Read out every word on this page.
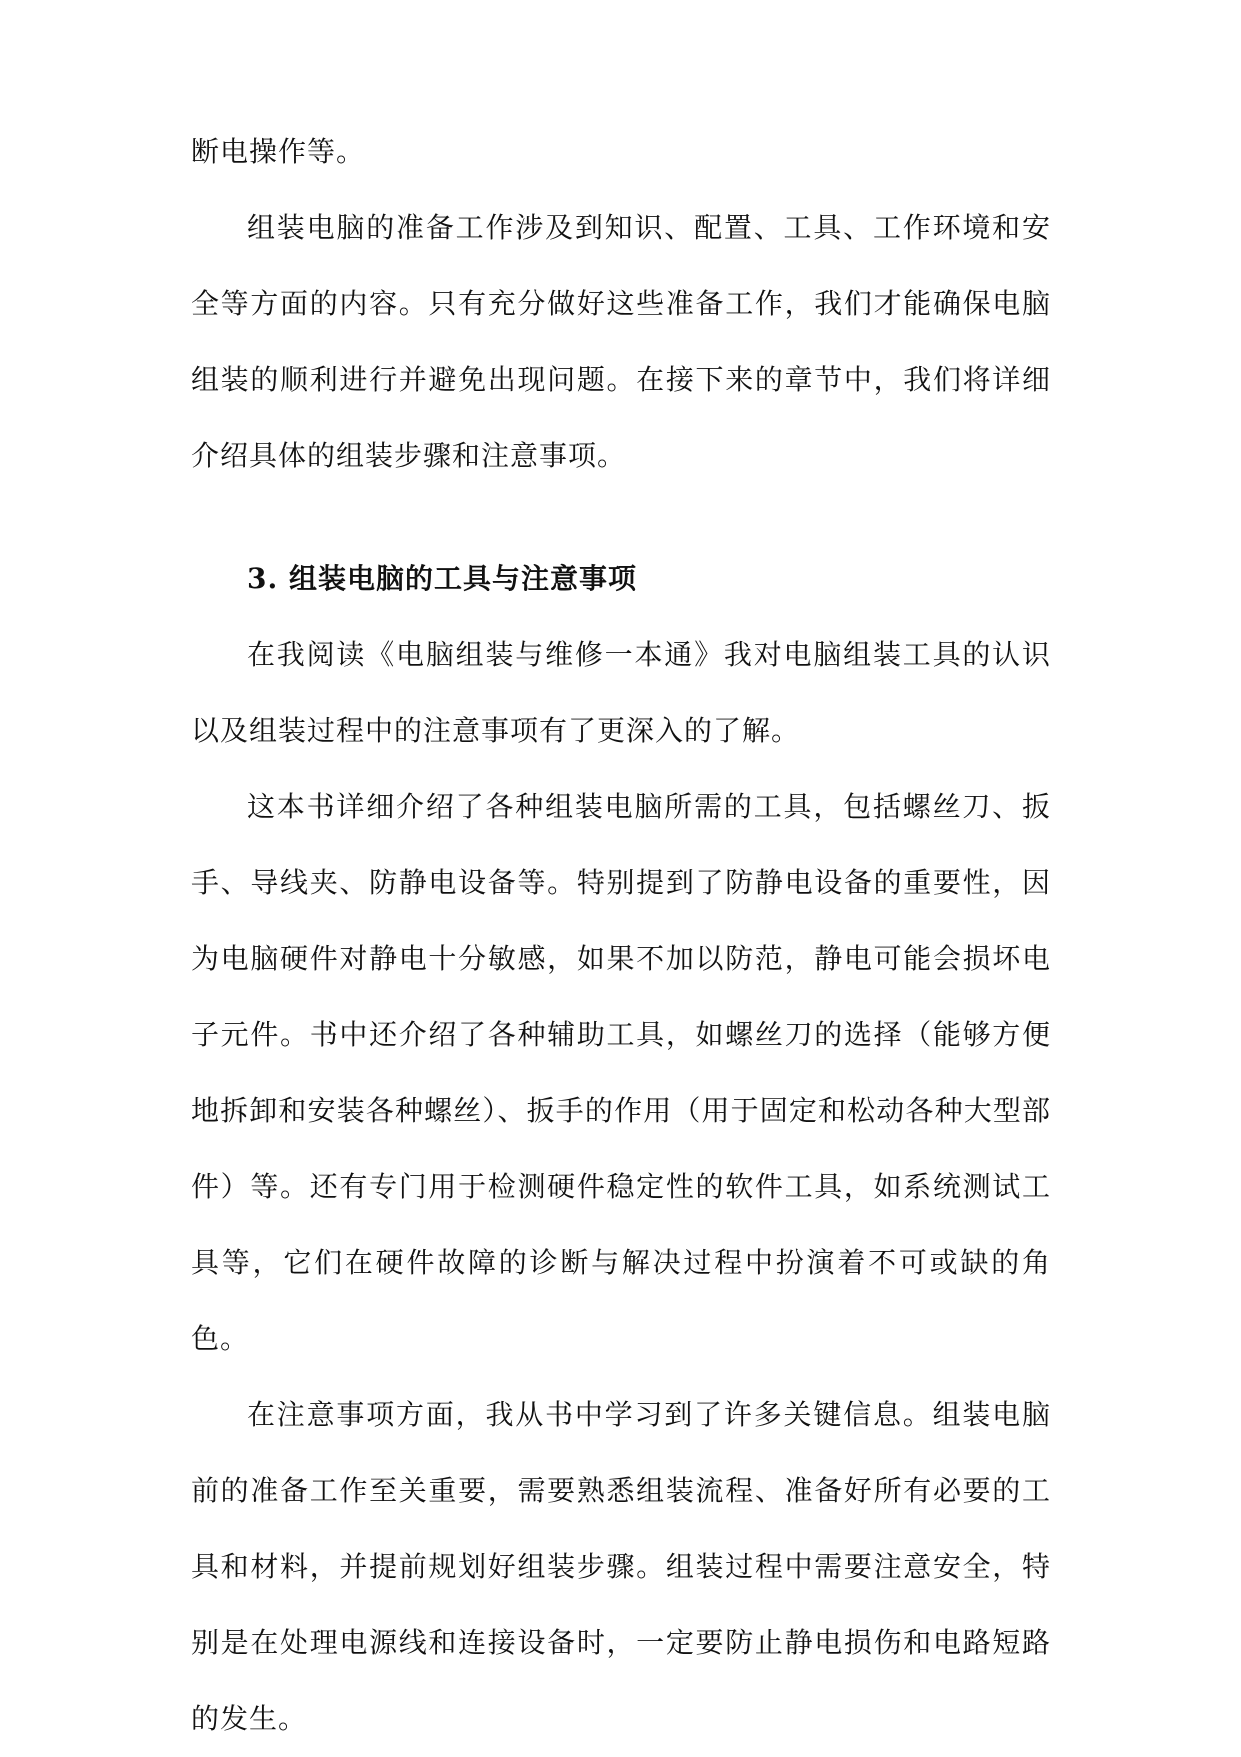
断电操作等。

组装电脑的准备工作涉及到知识、配置、工具、工作环境和安全等方面的内容。只有充分做好这些准备工作，我们才能确保电脑组装的顺利进行并避免出现问题。在接下来的章节中，我们将详细介绍具体的组装步骤和注意事项。

3. 组装电脑的工具与注意事项

在我阅读《电脑组装与维修一本通》我对电脑组装工具的认识以及组装过程中的注意事项有了更深入的了解。

这本书详细介绍了各种组装电脑所需的工具，包括螺丝刀、扳手、导线夹、防静电设备等。特别提到了防静电设备的重要性，因为电脑硬件对静电十分敏感，如果不加以防范，静电可能会损坏电子元件。书中还介绍了各种辅助工具，如螺丝刀的选择（能够方便地拆卸和安装各种螺丝）、扳手的作用（用于固定和松动各种大型部件）等。还有专门用于检测硬件稳定性的软件工具，如系统测试工具等，它们在硬件故障的诊断与解决过程中扮演着不可或缺的角色。

在注意事项方面，我从书中学习到了许多关键信息。组装电脑前的准备工作至关重要，需要熟悉组装流程、准备好所有必要的工具和材料，并提前规划好组装步骤。组装过程中需要注意安全，特别是在处理电源线和连接设备时，一定要防止静电损伤和电路短路的发生。
